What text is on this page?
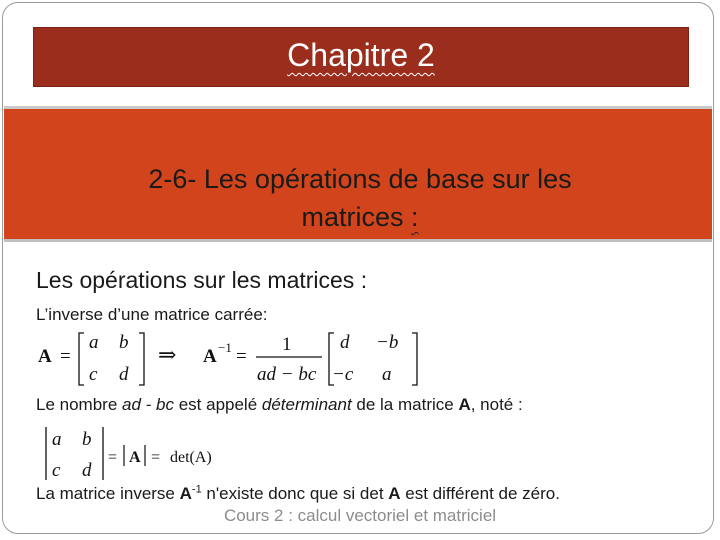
Chapitre 2
2-6- Les opérations de base sur les
matrices :
Les opérations sur les matrices :
L’inverse d’une matrice carrée:
A =
a b
c d
⇒ A −1 =
1
ad − bc
d −b
−c a
a b
c d
= A = det(A)
Le nombre ad - bc est appelé déterminant de la matrice A, noté :
La matrice inverse $A^{-1}$ n'existe donc que si det A est différent de zéro.
Cours 2 : calcul vectoriel et matriciel
